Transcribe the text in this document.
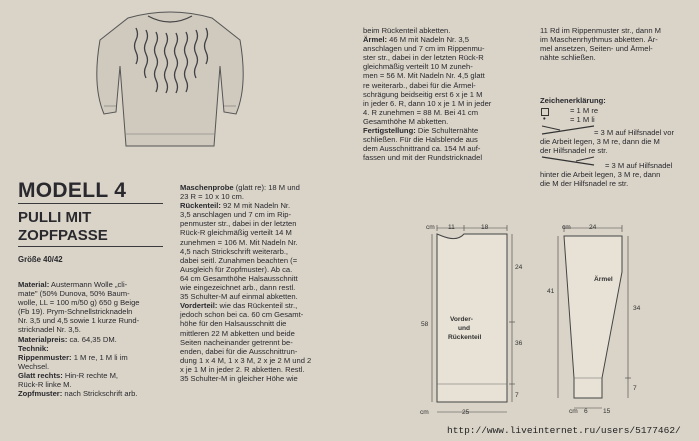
MODELL 4
PULLI MIT
ZOPFPASSE
Größe 40/42

Material: Austermann Wolle „cli-

mate" (50% Dunova, 50% Baum-

wolle, LL = 100 m/50 g) 650 g Beige

(Fb 19). Prym-Schnellstricknadeln

Nr. 3,5 und 4,5 sowie 1 kurze Rund-

stricknadel Nr. 3,5.

Materialpreis: ca. 64,35 DM.

Technik:

Rippenmuster: 1 M re, 1 M li im

Wechsel.

Glatt rechts: Hin-R rechte M,

Rück-R linke M.

Zopfmuster: nach Strickschrift arb.

Maschenprobe (glatt re): 18 M und

23 R = 10 x 10 cm.

Rückenteil: 92 M mit Nadeln Nr.

3,5 anschlagen und 7 cm im Rip-

penmuster str., dabei in der letzten

Rück-R gleichmäßig verteilt 14 M

zunehmen = 106 M. Mit Nadeln Nr.

4,5 nach Strickschrift weiterarb.,

dabei seitl. Zunahmen beachten (=

Ausgleich für Zopfmuster). Ab ca.

64 cm Gesamthöhe Halsausschnitt

wie eingezeichnet arb., dann restl.

35 Schulter-M auf einmal abketten.

Vorderteil: wie das Rückenteil str.,

jedoch schon bei ca. 60 cm Gesamt-

höhe für den Halsausschnitt die

mittleren 22 M abketten und beide

Seiten nacheinander getrennt be-

enden, dabei für die Ausschnittrun-

dung 1 x 4 M, 1 x 3 M, 2 x je 2 M und 2

x je 1 M in jeder 2. R abketten. Restl.

35 Schulter-M in gleicher Höhe wie

beim Rückenteil abketten.

Ärmel: 46 M mit Nadeln Nr. 3,5

anschlagen und 7 cm im Rippenmu-

ster str., dabei in der letzten Rück-R

gleichmäßig verteilt 10 M zuneh-

men = 56 M. Mit Nadeln Nr. 4,5 glatt

re weiterarb., dabei für die Ärmel-

schrägung beidseitig erst 6 x je 1 M

in jeder 6. R, dann 10 x je 1 M in jeder

4. R zunehmen = 88 M. Bei 41 cm

Gesamthöhe M abketten.

Fertigstellung: Die Schulternähte

schließen. Für die Halsblende aus

dem Ausschnittrand ca. 154 M auf-

fassen und mit der Rundstricknadel

11 Rd im Rippenmuster str., dann M

im Maschenrhythmus abketten. Är-

mel ansetzen, Seiten- und Ärmel-

nähte schließen.

Zeichenerklärung:
= 1 M re
•	= 1 M li
= 3 M auf Hilfsnadel vor
die Arbeit legen, 3 M re, dann die M
der Hilfsnadel re str.
= 3 M auf Hilfsnadel
hinter die Arbeit legen, 3 M re, dann
die M der Hilfsnadel re str.
cm 11	18
Vorder-
und
Rückenteil
58
24
36
7
cm	25
cm	24
Ärmel
41
34
7
cm 6 15
http://www.liveinternet.ru/users/5177462/
